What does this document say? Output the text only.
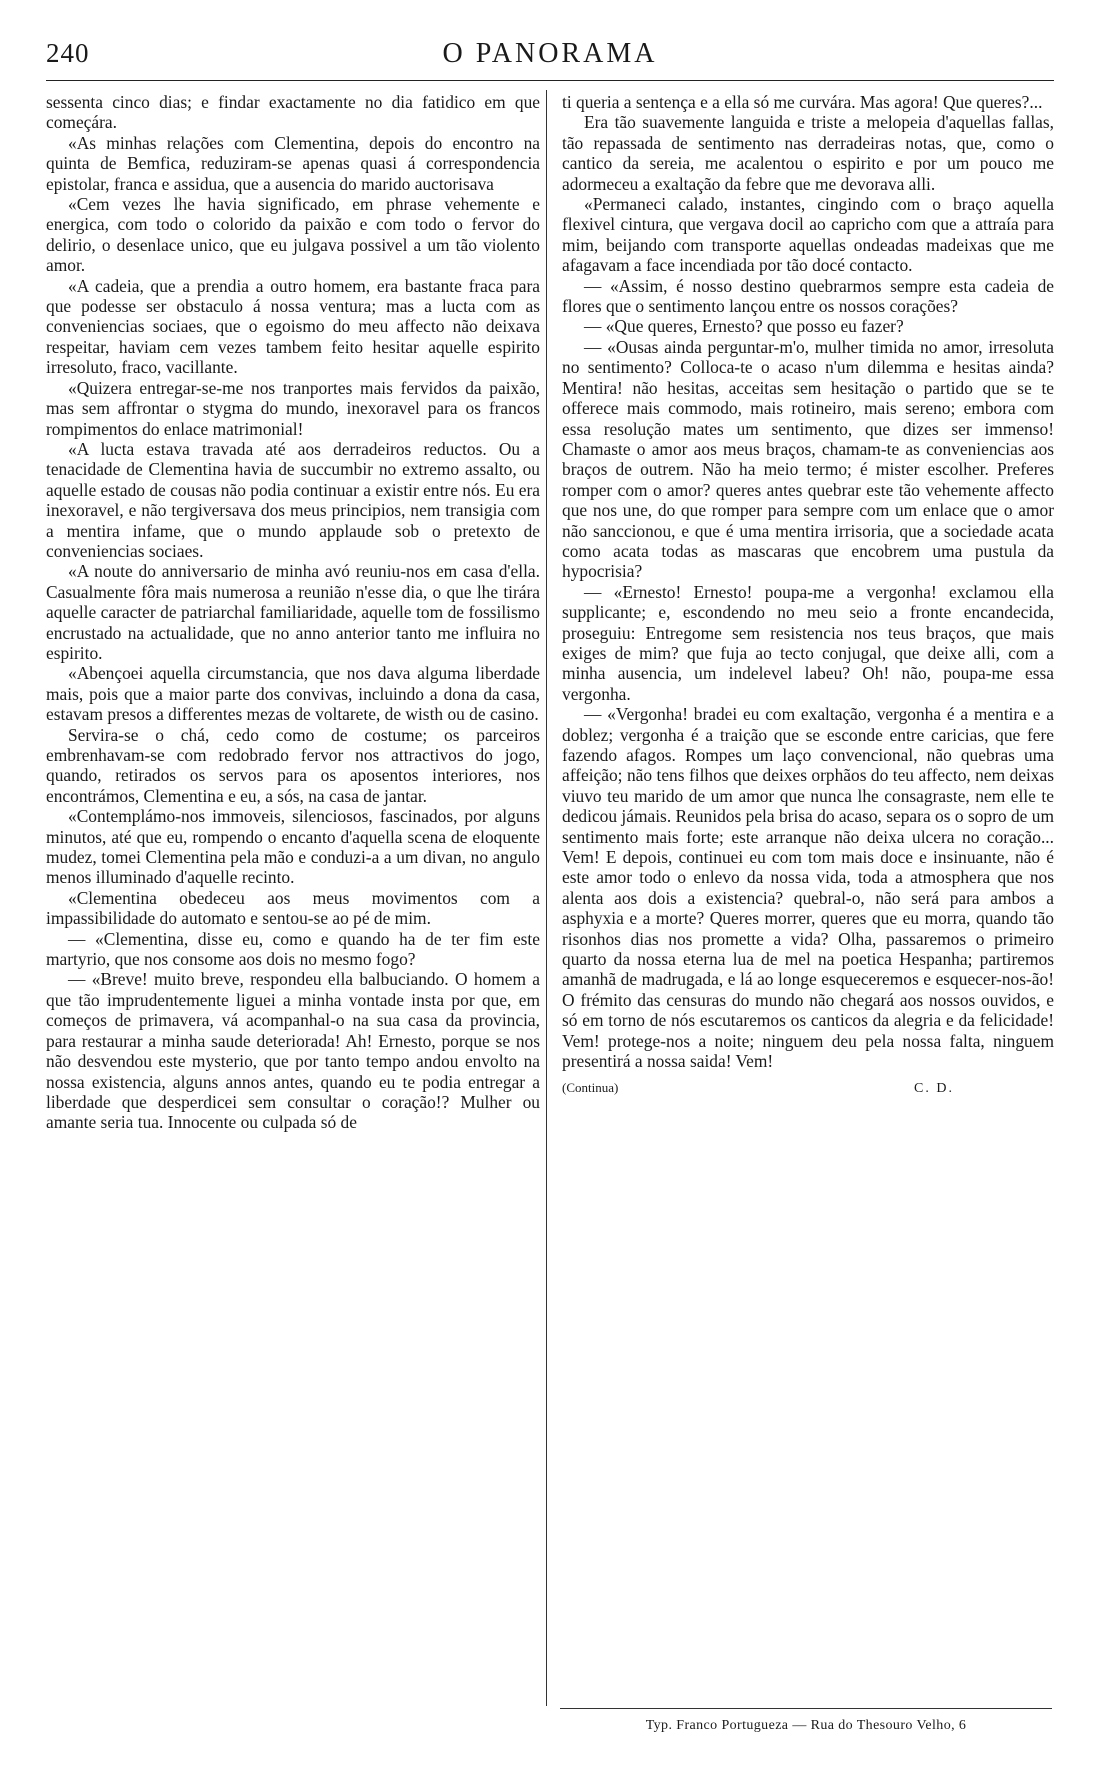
240	O PANORAMA

sessenta cinco dias; e findar exactamente no dia fatidico em que começára.

«As minhas relações com Clementina, depois do encontro na quinta de Bemfica, reduziram-se apenas quasi á correspondencia epistolar, franca e assidua, que a ausencia do marido auctorisava

«Cem vezes lhe havia significado, em phrase vehemente e energica, com todo o colorido da paixão e com todo o fervor do delirio, o desenlace unico, que eu julgava possivel a um tão violento amor.

«A cadeia, que a prendia a outro homem, era bastante fraca para que podesse ser obstaculo á nossa ventura; mas a lucta com as conveniencias sociaes, que o egoismo do meu affecto não deixava respeitar, haviam cem vezes tambem feito hesitar aquelle espirito irresoluto, fraco, vacillante.

«Quizera entregar-se-me nos tranportes mais fervidos da paixão, mas sem affrontar o stygma do mundo, inexoravel para os francos rompimentos do enlace matrimonial!

«A lucta estava travada até aos derradeiros reductos. Ou a tenacidade de Clementina havia de succumbir no extremo assalto, ou aquelle estado de cousas não podia continuar a existir entre nós. Eu era inexoravel, e não tergiversava dos meus principios, nem transigia com a mentira infame, que o mundo applaude sob o pretexto de conveniencias sociaes.

«A noute do anniversario de minha avó reuniu-nos em casa d'ella. Casualmente fôra mais numerosa a reunião n'esse dia, o que lhe tirára aquelle caracter de patriarchal familiaridade, aquelle tom de fossilismo encrustado na actualidade, que no anno anterior tanto me influira no espirito.

«Abençoei aquella circumstancia, que nos dava alguma liberdade mais, pois que a maior parte dos convivas, incluindo a dona da casa, estavam presos a differentes mezas de voltarete, de wisth ou de casino.

Servira-se o chá, cedo como de costume; os parceiros embrenhavam-se com redobrado fervor nos attractivos do jogo, quando, retirados os servos para os aposentos interiores, nos encontrámos, Clementina e eu, a sós, na casa de jantar.

«Contemplámo-nos immoveis, silenciosos, fascinados, por alguns minutos, até que eu, rompendo o encanto d'aquella scena de eloquente mudez, tomei Clementina pela mão e conduzi-a a um divan, no angulo menos illuminado d'aquelle recinto.

«Clementina obedeceu aos meus movimentos com a impassibilidade do automato e sentou-se ao pé de mim.

— «Clementina, disse eu, como e quando ha de ter fim este martyrio, que nos consome aos dois no mesmo fogo?

— «Breve! muito breve, respondeu ella balbuciando. O homem a que tão imprudentemente liguei a minha vontade insta por que, em começos de primavera, vá acompanhal-o na sua casa da provincia, para restaurar a minha saude deteriorada! Ah! Ernesto, porque se nos não desvendou este mysterio, que por tanto tempo andou envolto na nossa existencia, alguns annos antes, quando eu te podia entregar a liberdade que desperdicei sem consultar o coração!? Mulher ou amante seria tua. Innocente ou culpada só de

ti queria a sentença e a ella só me curvára. Mas agora! Que queres?...

Era tão suavemente languida e triste a melopeia d'aquellas fallas, tão repassada de sentimento nas derradeiras notas, que, como o cantico da sereia, me acalentou o espirito e por um pouco me adormeceu a exaltação da febre que me devorava alli.

«Permaneci calado, instantes, cingindo com o braço aquella flexivel cintura, que vergava docil ao capricho com que a attraía para mim, beijando com transporte aquellas ondeadas madeixas que me afagavam a face incendiada por tão docé contacto.

— «Assim, é nosso destino quebrarmos sempre esta cadeia de flores que o sentimento lançou entre os nossos corações?

— «Que queres, Ernesto? que posso eu fazer?

— «Ousas ainda perguntar-m'o, mulher timida no amor, irresoluta no sentimento? Colloca-te o acaso n'um dilemma e hesitas ainda? Mentira! não hesitas, acceitas sem hesitação o partido que se te offerece mais commodo, mais rotineiro, mais sereno; embora com essa resolução mates um sentimento, que dizes ser immenso! Chamaste o amor aos meus braços, chamam-te as conveniencias aos braços de outrem. Não ha meio termo; é mister escolher. Preferes romper com o amor? queres antes quebrar este tão vehemente affecto que nos une, do que romper para sempre com um enlace que o amor não sanccionou, e que é uma mentira irrisoria, que a sociedade acata como acata todas as mascaras que encobrem uma pustula da hypocrisia?

— «Ernesto! Ernesto! poupa-me a vergonha! exclamou ella supplicante; e, escondendo no meu seio a fronte encandecida, proseguiu: Entregome sem resistencia nos teus braços, que mais exiges de mim? que fuja ao tecto conjugal, que deixe alli, com a minha ausencia, um indelevel labeu? Oh! não, poupa-me essa vergonha.

— «Vergonha! bradei eu com exaltação, vergonha é a mentira e a doblez; vergonha é a traição que se esconde entre caricias, que fere fazendo afagos. Rompes um laço convencional, não quebras uma affeição; não tens filhos que deixes orphãos do teu affecto, nem deixas viuvo teu marido de um amor que nunca lhe consagraste, nem elle te dedicou jámais. Reunidos pela brisa do acaso, separa os o sopro de um sentimento mais forte; este arranque não deixa ulcera no coração... Vem! E depois, continuei eu com tom mais doce e insinuante, não é este amor todo o enlevo da nossa vida, toda a atmosphera que nos alenta aos dois a existencia? quebral-o, não será para ambos a asphyxia e a morte? Queres morrer, queres que eu morra, quando tão risonhos dias nos promette a vida? Olha, passaremos o primeiro quarto da nossa eterna lua de mel na poetica Hespanha; partiremos amanhã de madrugada, e lá ao longe esqueceremos e esquecer-nos-ão! O frémito das censuras do mundo não chegará aos nossos ouvidos, e só em torno de nós escutaremos os canticos da alegria e da felicidade! Vem! protege-nos a noite; ninguem deu pela nossa falta, ninguem presentirá a nossa saida! Vem!

(Continua)	C. D.
Typ. Franco Portugueza — Rua do Thesouro Velho, 6
